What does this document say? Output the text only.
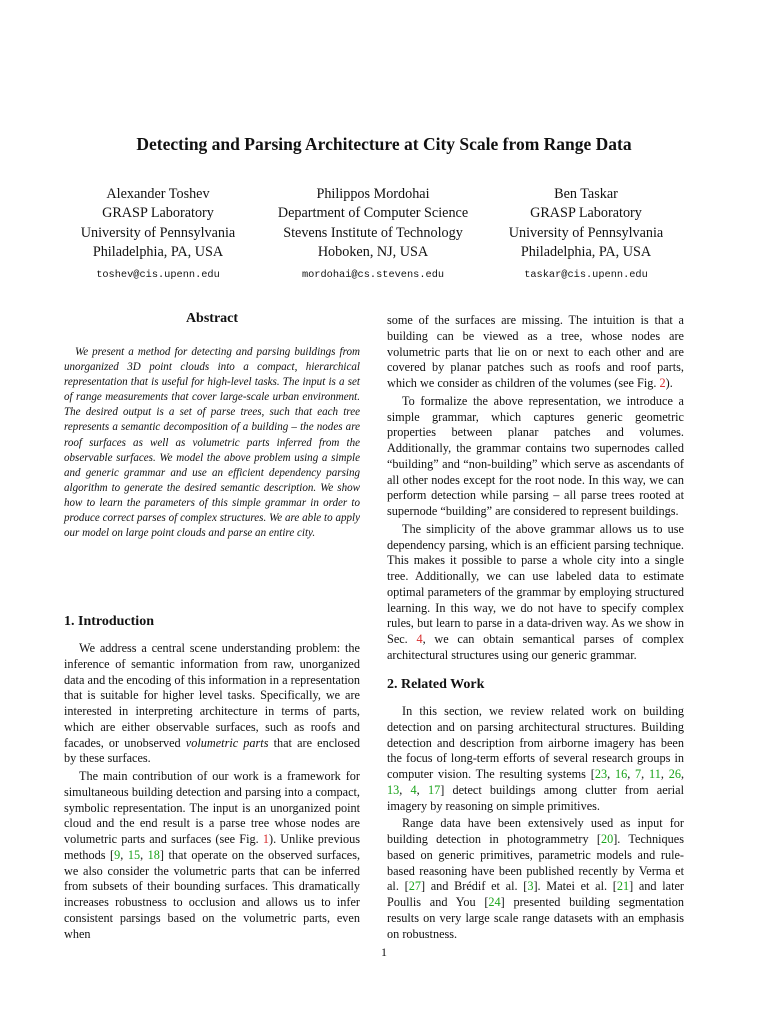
Detecting and Parsing Architecture at City Scale from Range Data
Alexander Toshev
GRASP Laboratory
University of Pennsylvania
Philadelphia, PA, USA
toshev@cis.upenn.edu
Philippos Mordohai
Department of Computer Science
Stevens Institute of Technology
Hoboken, NJ, USA
mordohai@cs.stevens.edu
Ben Taskar
GRASP Laboratory
University of Pennsylvania
Philadelphia, PA, USA
taskar@cis.upenn.edu
Abstract
We present a method for detecting and parsing buildings from unorganized 3D point clouds into a compact, hierarchical representation that is useful for high-level tasks. The input is a set of range measurements that cover large-scale urban environment. The desired output is a set of parse trees, such that each tree represents a semantic decomposition of a building – the nodes are roof surfaces as well as volumetric parts inferred from the observable surfaces. We model the above problem using a simple and generic grammar and use an efficient dependency parsing algorithm to generate the desired semantic description. We show how to learn the parameters of this simple grammar in order to produce correct parses of complex structures. We are able to apply our model on large point clouds and parse an entire city.
1. Introduction

We address a central scene understanding problem: the inference of semantic information from raw, unorganized data and the encoding of this information in a representation that is suitable for higher level tasks. Specifically, we are interested in interpreting architecture in terms of parts, which are either observable surfaces, such as roofs and facades, or unobserved volumetric parts that are enclosed by these surfaces.

The main contribution of our work is a framework for simultaneous building detection and parsing into a compact, symbolic representation. The input is an unorganized point cloud and the end result is a parse tree whose nodes are volumetric parts and surfaces (see Fig. 1). Unlike previous methods [9, 15, 18] that operate on the observed surfaces, we also consider the volumetric parts that can be inferred from subsets of their bounding surfaces. This dramatically increases robustness to occlusion and allows us to infer consistent parsings based on the volumetric parts, even when

some of the surfaces are missing. The intuition is that a building can be viewed as a tree, whose nodes are volumetric parts that lie on or next to each other and are covered by planar patches such as roofs and roof parts, which we consider as children of the volumes (see Fig. 2).

To formalize the above representation, we introduce a simple grammar, which captures generic geometric properties between planar patches and volumes. Additionally, the grammar contains two supernodes called “building” and “non-building” which serve as ascendants of all other nodes except for the root node. In this way, we can perform detection while parsing – all parse trees rooted at supernode “building” are considered to represent buildings.

The simplicity of the above grammar allows us to use dependency parsing, which is an efficient parsing technique. This makes it possible to parse a whole city into a single tree. Additionally, we can use labeled data to estimate optimal parameters of the grammar by employing structured learning. In this way, we do not have to specify complex rules, but learn to parse in a data-driven way. As we show in Sec. 4, we can obtain semantical parses of complex architectural structures using our generic grammar.

2. Related Work

In this section, we review related work on building detection and on parsing architectural structures. Building detection and description from airborne imagery has been the focus of long-term efforts of several research groups in computer vision. The resulting systems [23, 16, 7, 11, 26, 13, 4, 17] detect buildings among clutter from aerial imagery by reasoning on simple primitives.

Range data have been extensively used as input for building detection in photogrammetry [20]. Techniques based on generic primitives, parametric models and rule-based reasoning have been published recently by Verma et al. [27] and Brédif et al. [3]. Matei et al. [21] and later Poullis and You [24] presented building segmentation results on very large scale range datasets with an emphasis on robustness.

1
